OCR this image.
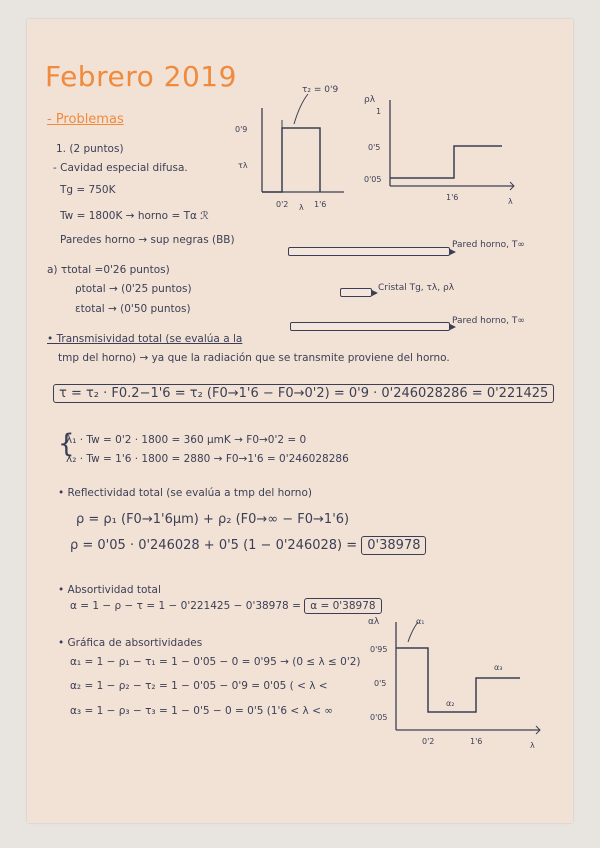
Febrero 2019
- Problemas
1. (2 puntos)
- Cavidad especial difusa.
Tg = 750K
Tw = 1800K → horno = Tα ℛ
Paredes horno → sup negras (BB)
a) τtotal =0'26 puntos)
ρtotal → (0'25 puntos)
εtotal → (0'50 puntos)
τ₂ = 0'9
0'9
τλ
0'2 λ 1'6
ρλ
1
0'5
0'05
1'6	λ
Pared horno, T∞
Cristal Tg, τλ, ρλ
Pared horno, T∞
• Transmisividad total (se evalúa a la
tmp del horno) → ya que la radiación que se transmite proviene del horno.
τ = τ₂ · F0.2−1'6 = τ₂ (F0→1'6 − F0→0'2) = 0'9 · 0'246028286 = 0'221425
λ₁ · Tw = 0'2 · 1800 = 360 μmK → F0→0'2 = 0
λ₂ · Tw = 1'6 · 1800 = 2880 → F0→1'6 = 0'246028286
{
• Reflectividad total (se evalúa a tmp del horno)
ρ = ρ₁ (F0→1'6μm) + ρ₂ (F0→∞ − F0→1'6)
ρ = 0'05 · 0'246028 + 0'5 (1 − 0'246028) = 0'38978
• Absortividad total
α = 1 − ρ − τ = 1 − 0'221425 − 0'38978 = α = 0'38978
• Gráfica de absortividades
α₁ = 1 − ρ₁ − τ₁ = 1 − 0'05 − 0 = 0'95 → (0 ≤ λ ≤ 0'2)
α₂ = 1 − ρ₂ − τ₂ = 1 − 0'05 − 0'9 = 0'05 ( < λ <
α₃ = 1 − ρ₃ − τ₃ = 1 − 0'5 − 0 = 0'5 (1'6 < λ < ∞
αλ	α₁
α₂
α₃
0'95
0'5
0'05
0'2	1'6	λ
